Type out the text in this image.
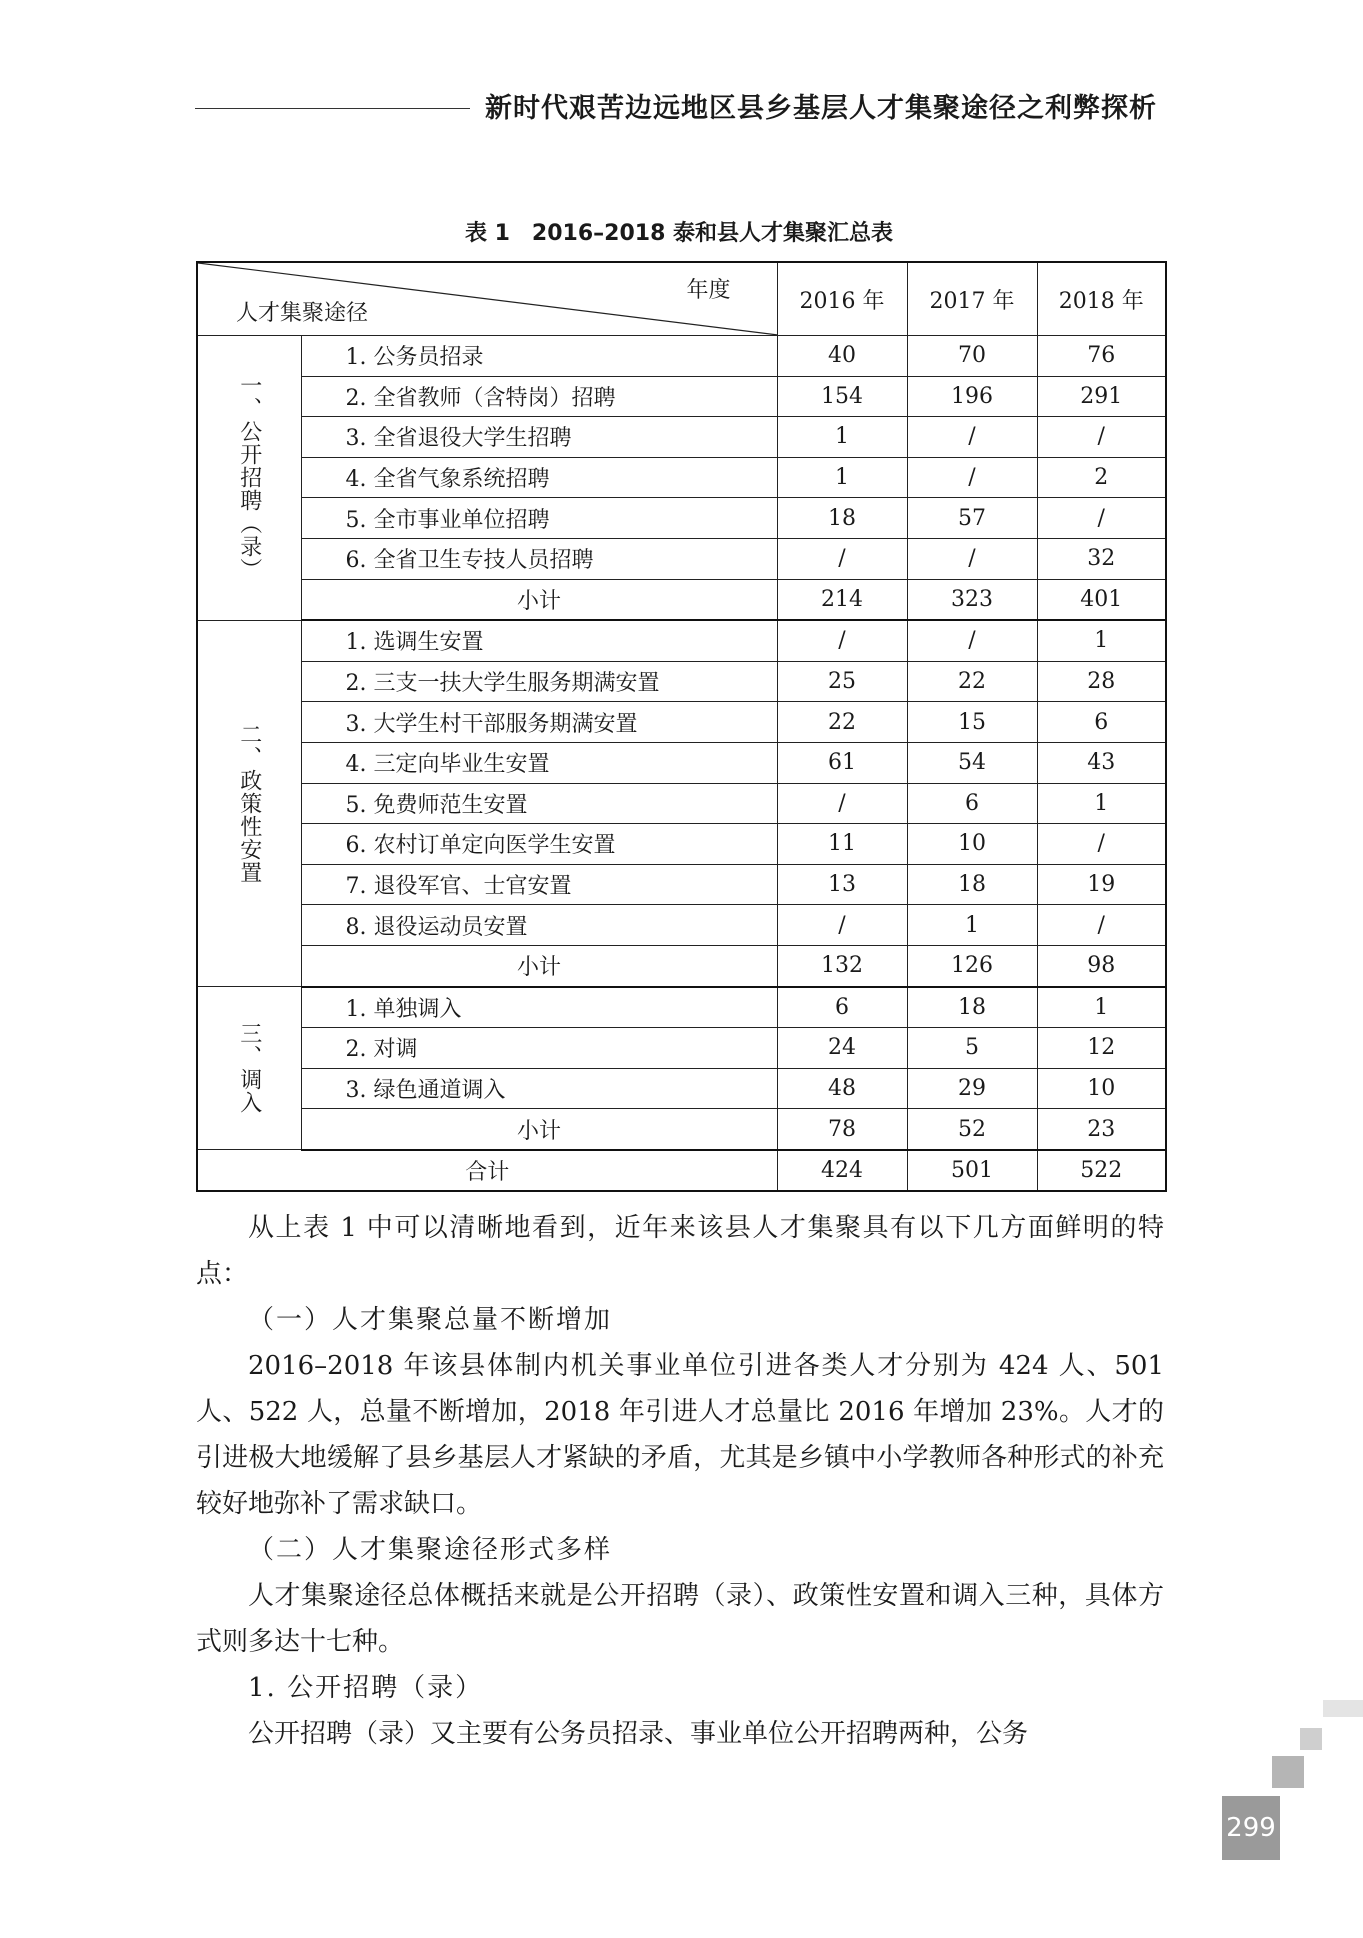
新时代艰苦边远地区县乡基层人才集聚途径之利弊探析
表 1　2016–2018 泰和县人才集聚汇总表
年度
人才集聚途径		2016 年	2017 年	2018 年
一、公开招聘（录）	1. 公务员招录	40	70	76
	2. 全省教师（含特岗）招聘	154	196	291
	3. 全省退役大学生招聘	1	/	/
	4. 全省气象系统招聘	1	/	2
	5. 全市事业单位招聘	18	57	/
	6. 全省卫生专技人员招聘	/	/	32
	小计	214	323	401
二、政策性安置	1. 选调生安置	/	/	1
	2. 三支一扶大学生服务期满安置	25	22	28
	3. 大学生村干部服务期满安置	22	15	6
	4. 三定向毕业生安置	61	54	43
	5. 免费师范生安置	/	6	1
	6. 农村订单定向医学生安置	11	10	/
	7. 退役军官、士官安置	13	18	19
	8. 退役运动员安置	/	1	/
	小计	132	126	98
三、调入	1. 单独调入	6	18	1
	2. 对调	24	5	12
	3. 绿色通道调入	48	29	10
	小计	78	52	23
合计		424	501	522

从上表 1 中可以清晰地看到，近年来该县人才集聚具有以下几方面鲜明的特点：

（一）人才集聚总量不断增加

2016–2018 年该县体制内机关事业单位引进各类人才分别为 424 人、501 人、522 人，总量不断增加，2018 年引进人才总量比 2016 年增加 23%。人才的引进极大地缓解了县乡基层人才紧缺的矛盾，尤其是乡镇中小学教师各种形式的补充较好地弥补了需求缺口。

（二）人才集聚途径形式多样

人才集聚途径总体概括来就是公开招聘（录）、政策性安置和调入三种，具体方式则多达十七种。

1. 公开招聘（录）

公开招聘（录）又主要有公务员招录、事业单位公开招聘两种，公务

299
